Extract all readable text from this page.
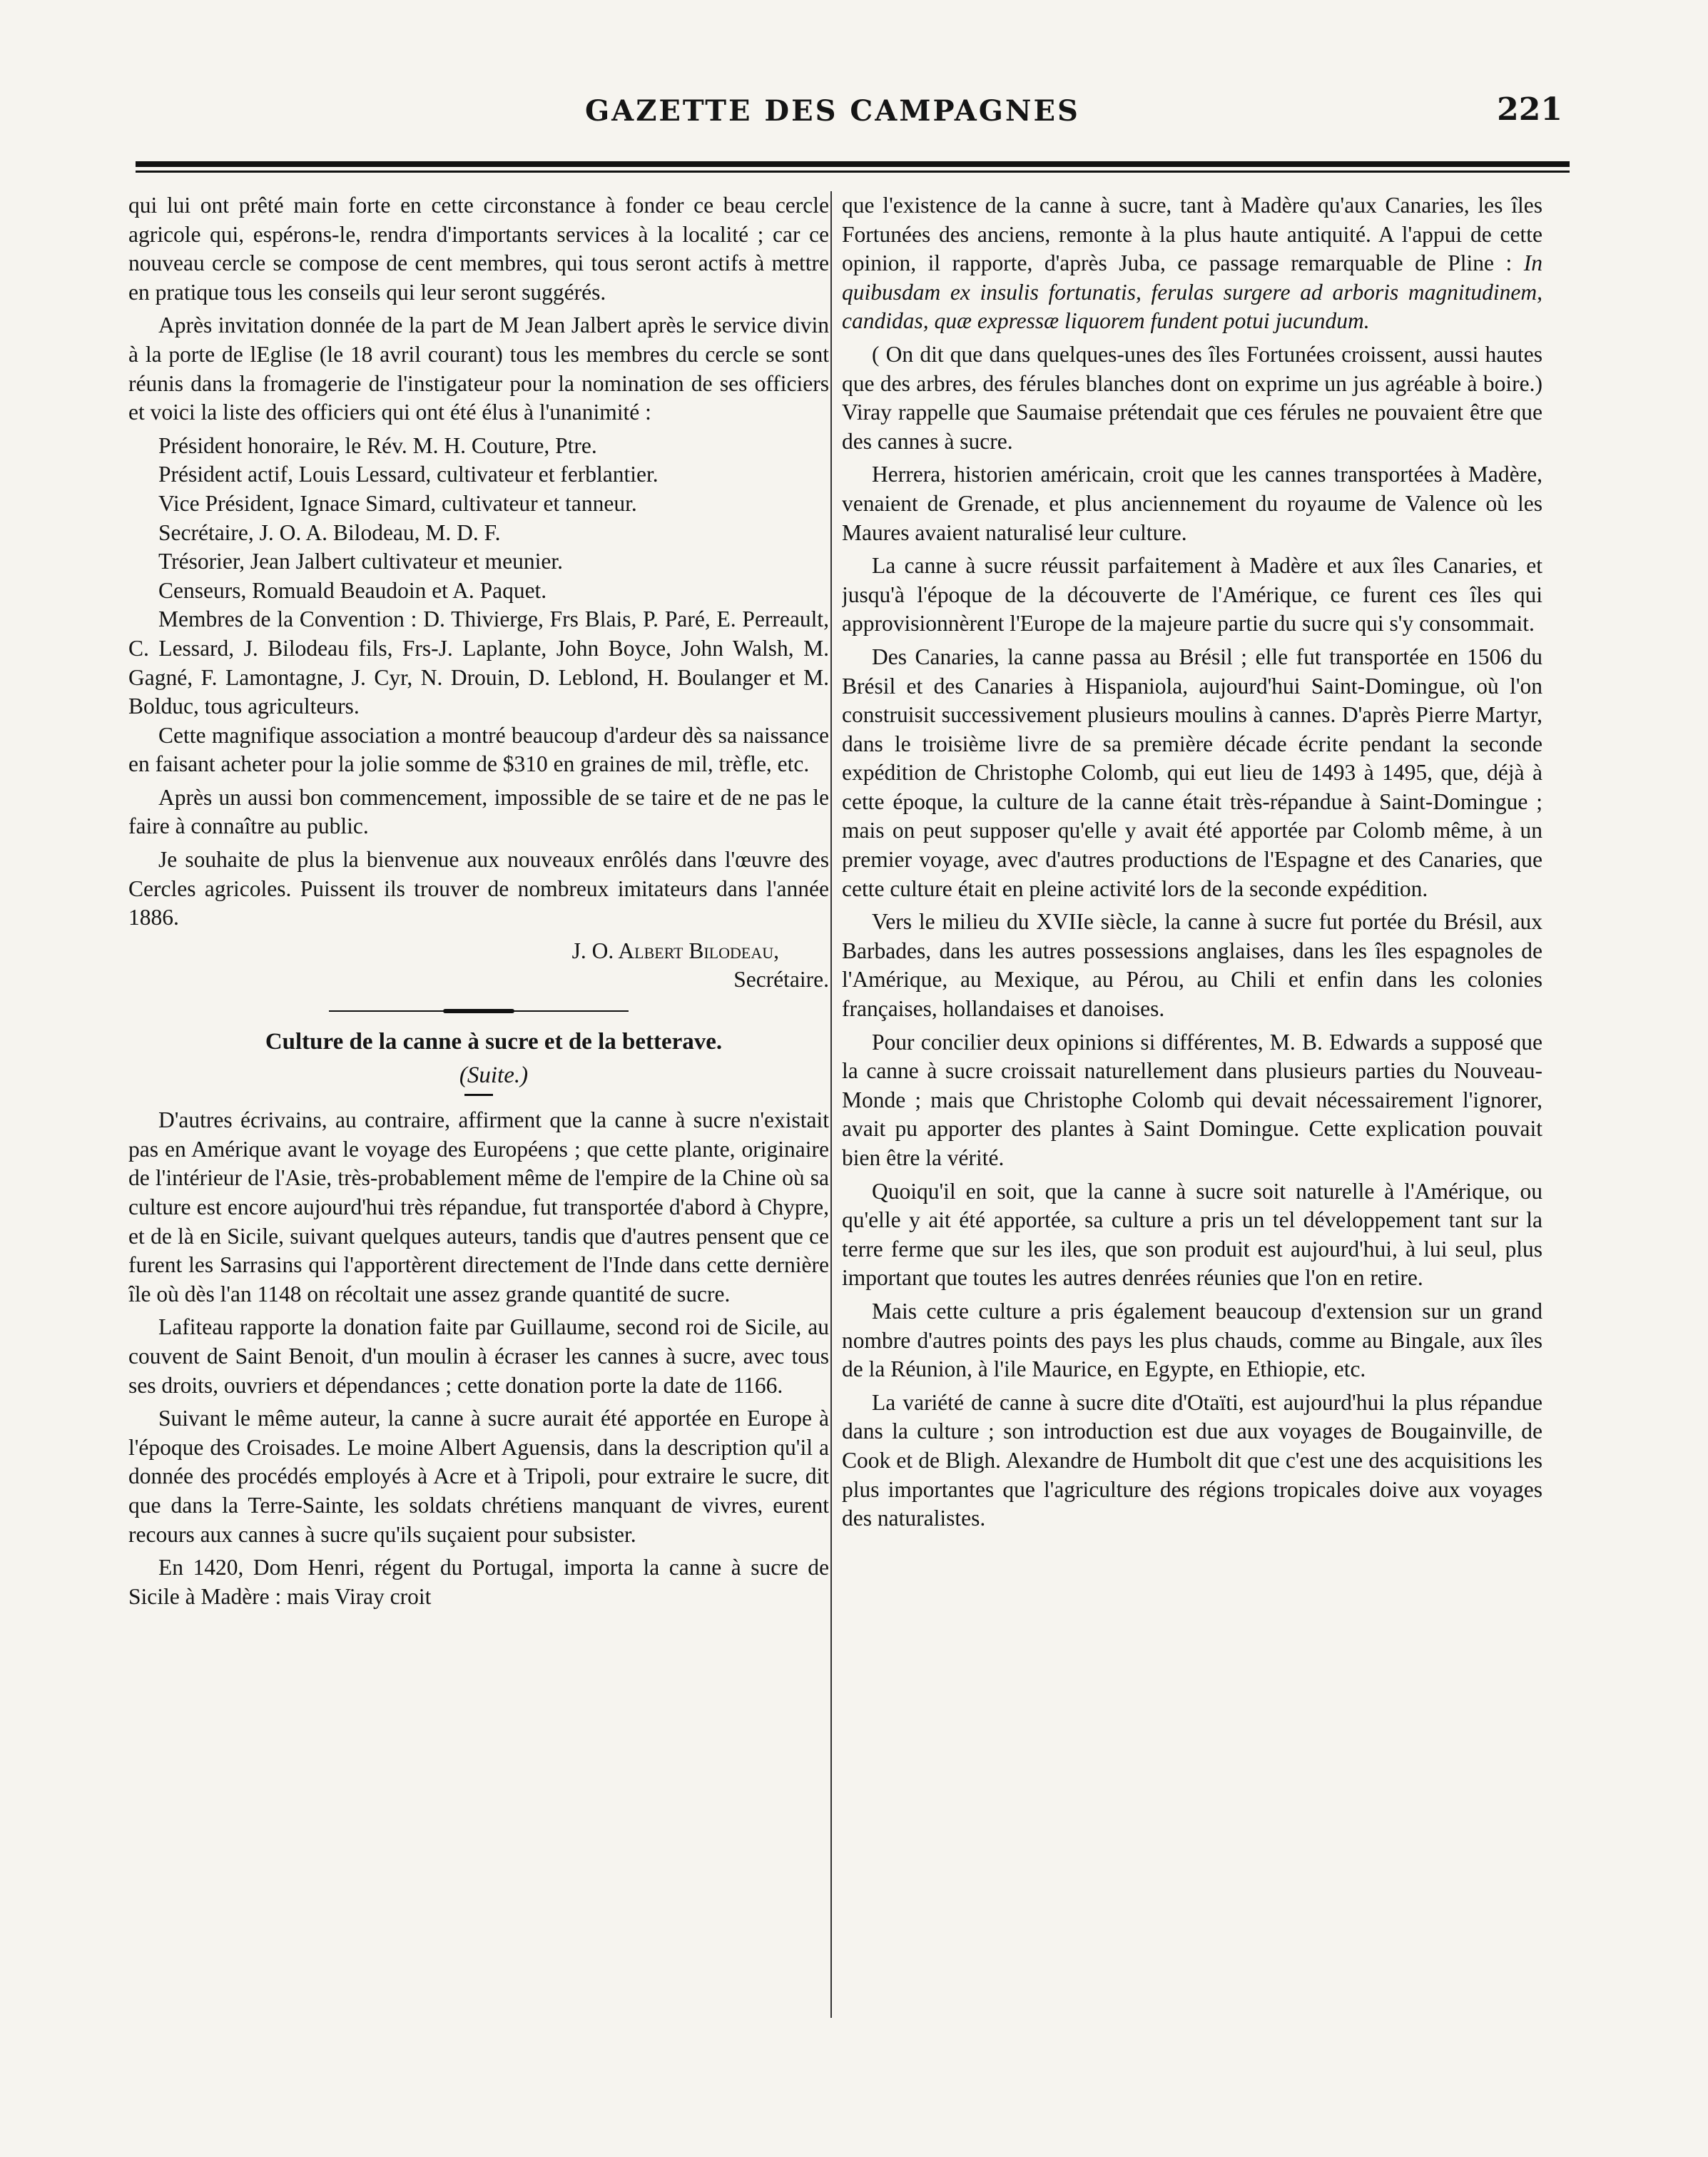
GAZETTE DES CAMPAGNES	221

qui lui ont prêté main forte en cette circonstance à fonder ce beau cercle agricole qui, espérons-le, rendra d'importants services à la localité ; car ce nouveau cercle se compose de cent membres, qui tous seront actifs à mettre en pratique tous les conseils qui leur seront suggérés.

Après invitation donnée de la part de M Jean Jalbert après le service divin à la porte de lEglise (le 18 avril courant) tous les membres du cercle se sont réunis dans la fromagerie de l'instigateur pour la nomination de ses officiers et voici la liste des officiers qui ont été élus à l'unanimité :

Président honoraire, le Rév. M. H. Couture, Ptre.

Président actif, Louis Lessard, cultivateur et ferblantier.

Vice Président, Ignace Simard, cultivateur et tanneur.

Secrétaire, J. O. A. Bilodeau, M. D. F.

Trésorier, Jean Jalbert cultivateur et meunier.

Censeurs, Romuald Beaudoin et A. Paquet.

Membres de la Convention : D. Thivierge, Frs Blais, P. Paré, E. Perreault, C. Lessard, J. Bilodeau fils, Frs-J. Laplante, John Boyce, John Walsh, M. Gagné, F. Lamontagne, J. Cyr, N. Drouin, D. Leblond, H. Boulanger et M. Bolduc, tous agriculteurs.

Cette magnifique association a montré beaucoup d'ardeur dès sa naissance en faisant acheter pour la jolie somme de $310 en graines de mil, trèfle, etc.

Après un aussi bon commencement, impossible de se taire et de ne pas le faire à connaître au public.

Je souhaite de plus la bienvenue aux nouveaux enrôlés dans l'œuvre des Cercles agricoles. Puissent ils trouver de nombreux imitateurs dans l'année 1886.

J. O. Albert Bilodeau,
Secrétaire.

Culture de la canne à sucre et de la betterave.

(Suite.)

D'autres écrivains, au contraire, affirment que la canne à sucre n'existait pas en Amérique avant le voyage des Européens ; que cette plante, originaire de l'intérieur de l'Asie, très-probablement même de l'empire de la Chine où sa culture est encore aujourd'hui très répandue, fut transportée d'abord à Chypre, et de là en Sicile, suivant quelques auteurs, tandis que d'autres pensent que ce furent les Sarrasins qui l'apportèrent directement de l'Inde dans cette dernière île où dès l'an 1148 on récoltait une assez grande quantité de sucre.

Lafiteau rapporte la donation faite par Guillaume, second roi de Sicile, au couvent de Saint Benoit, d'un moulin à écraser les cannes à sucre, avec tous ses droits, ouvriers et dépendances ; cette donation porte la date de 1166.

Suivant le même auteur, la canne à sucre aurait été apportée en Europe à l'époque des Croisades. Le moine Albert Aguensis, dans la description qu'il a donnée des procédés employés à Acre et à Tripoli, pour extraire le sucre, dit que dans la Terre-Sainte, les soldats chrétiens manquant de vivres, eurent recours aux cannes à sucre qu'ils suçaient pour subsister.

En 1420, Dom Henri, régent du Portugal, importa la canne à sucre de Sicile à Madère : mais Viray croit

que l'existence de la canne à sucre, tant à Madère qu'aux Canaries, les îles Fortunées des anciens, remonte à la plus haute antiquité. A l'appui de cette opinion, il rapporte, d'après Juba, ce passage remarquable de Pline : In quibusdam ex insulis fortunatis, ferulas surgere ad arboris magnitudinem, candidas, quæ expressæ liquorem fundent potui jucundum.

( On dit que dans quelques-unes des îles Fortunées croissent, aussi hautes que des arbres, des férules blanches dont on exprime un jus agréable à boire.) Viray rappelle que Saumaise prétendait que ces férules ne pouvaient être que des cannes à sucre.

Herrera, historien américain, croit que les cannes transportées à Madère, venaient de Grenade, et plus anciennement du royaume de Valence où les Maures avaient naturalisé leur culture.

La canne à sucre réussit parfaitement à Madère et aux îles Canaries, et jusqu'à l'époque de la découverte de l'Amérique, ce furent ces îles qui approvisionnèrent l'Europe de la majeure partie du sucre qui s'y consommait.

Des Canaries, la canne passa au Brésil ; elle fut transportée en 1506 du Brésil et des Canaries à Hispaniola, aujourd'hui Saint-Domingue, où l'on construisit successivement plusieurs moulins à cannes. D'après Pierre Martyr, dans le troisième livre de sa première décade écrite pendant la seconde expédition de Christophe Colomb, qui eut lieu de 1493 à 1495, que, déjà à cette époque, la culture de la canne était très-répandue à Saint-Domingue ; mais on peut supposer qu'elle y avait été apportée par Colomb même, à un premier voyage, avec d'autres productions de l'Espagne et des Canaries, que cette culture était en pleine activité lors de la seconde expédition.

Vers le milieu du XVIIe siècle, la canne à sucre fut portée du Brésil, aux Barbades, dans les autres possessions anglaises, dans les îles espagnoles de l'Amérique, au Mexique, au Pérou, au Chili et enfin dans les colonies françaises, hollandaises et danoises.

Pour concilier deux opinions si différentes, M. B. Edwards a supposé que la canne à sucre croissait naturellement dans plusieurs parties du Nouveau-Monde ; mais que Christophe Colomb qui devait nécessairement l'ignorer, avait pu apporter des plantes à Saint Domingue. Cette explication pouvait bien être la vérité.

Quoiqu'il en soit, que la canne à sucre soit naturelle à l'Amérique, ou qu'elle y ait été apportée, sa culture a pris un tel développement tant sur la terre ferme que sur les iles, que son produit est aujourd'hui, à lui seul, plus important que toutes les autres denrées réunies que l'on en retire.

Mais cette culture a pris également beaucoup d'extension sur un grand nombre d'autres points des pays les plus chauds, comme au Bingale, aux îles de la Réunion, à l'ile Maurice, en Egypte, en Ethiopie, etc.

La variété de canne à sucre dite d'Otaïti, est aujourd'hui la plus répandue dans la culture ; son introduction est due aux voyages de Bougainville, de Cook et de Bligh. Alexandre de Humbolt dit que c'est une des acquisitions les plus importantes que l'agriculture des régions tropicales doive aux voyages des naturalistes.
